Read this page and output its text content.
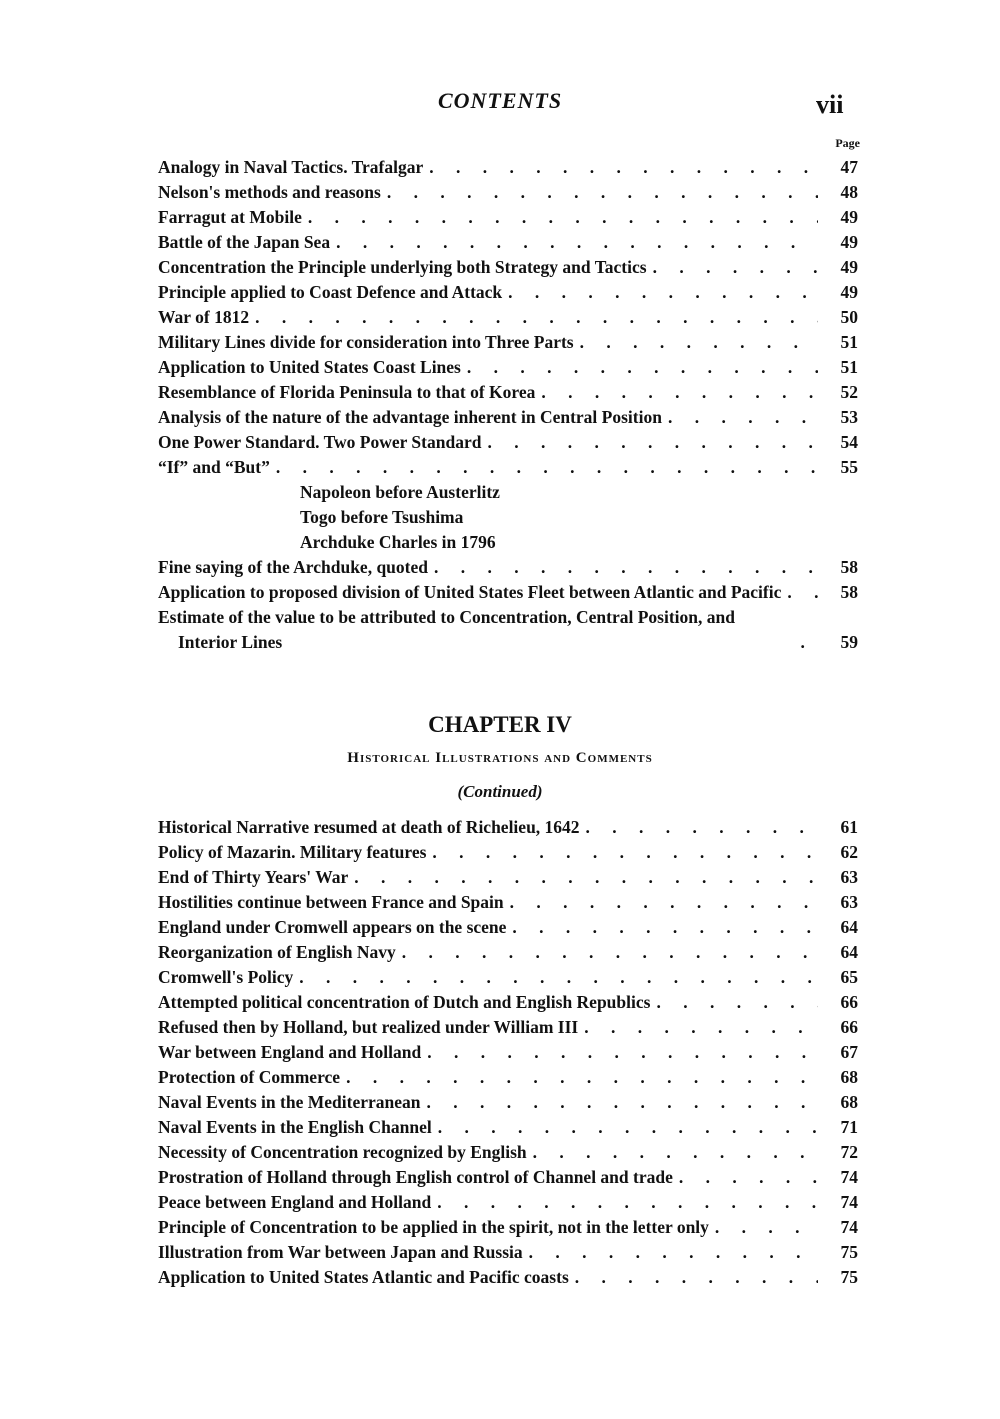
CONTENTS	vii
Page
Analogy in Naval Tactics. Trafalgar . . .	47
Nelson's methods and reasons . . .	48
Farragut at Mobile . . .	49
Battle of the Japan Sea . . .	49
Concentration the Principle underlying both Strategy and Tactics . . .	49
Principle applied to Coast Defence and Attack . . .	49
War of 1812 . . .	50
Military Lines divide for consideration into Three Parts . . .	51
Application to United States Coast Lines . . .	51
Resemblance of Florida Peninsula to that of Korea . . .	52
Analysis of the nature of the advantage inherent in Central Position . . .	53
One Power Standard. Two Power Standard . . .	54
“If” and “But” . . .	55
Napoleon before Austerlitz
Togo before Tsushima
Archduke Charles in 1796
Fine saying of the Archduke, quoted . . .	58
Application to proposed division of United States Fleet between Atlantic and Pacific . . .	58
Estimate of the value to be attributed to Concentration, Central Position, and Interior Lines . . .	59
CHAPTER IV
Historical Illustrations and Comments
(Continued)
Historical Narrative resumed at death of Richelieu, 1642 . . .	61
Policy of Mazarin. Military features . . .	62
End of Thirty Years' War . . .	63
Hostilities continue between France and Spain . . .	63
England under Cromwell appears on the scene . . .	64
Reorganization of English Navy . . .	64
Cromwell's Policy . . .	65
Attempted political concentration of Dutch and English Republics . . .	66
Refused then by Holland, but realized under William III . . .	66
War between England and Holland . . .	67
Protection of Commerce . . .	68
Naval Events in the Mediterranean . . .	68
Naval Events in the English Channel . . .	71
Necessity of Concentration recognized by English . . .	72
Prostration of Holland through English control of Channel and trade . . .	74
Peace between England and Holland . . .	74
Principle of Concentration to be applied in the spirit, not in the letter only . . .	74
Illustration from War between Japan and Russia . . .	75
Application to United States Atlantic and Pacific coasts . . .	75
